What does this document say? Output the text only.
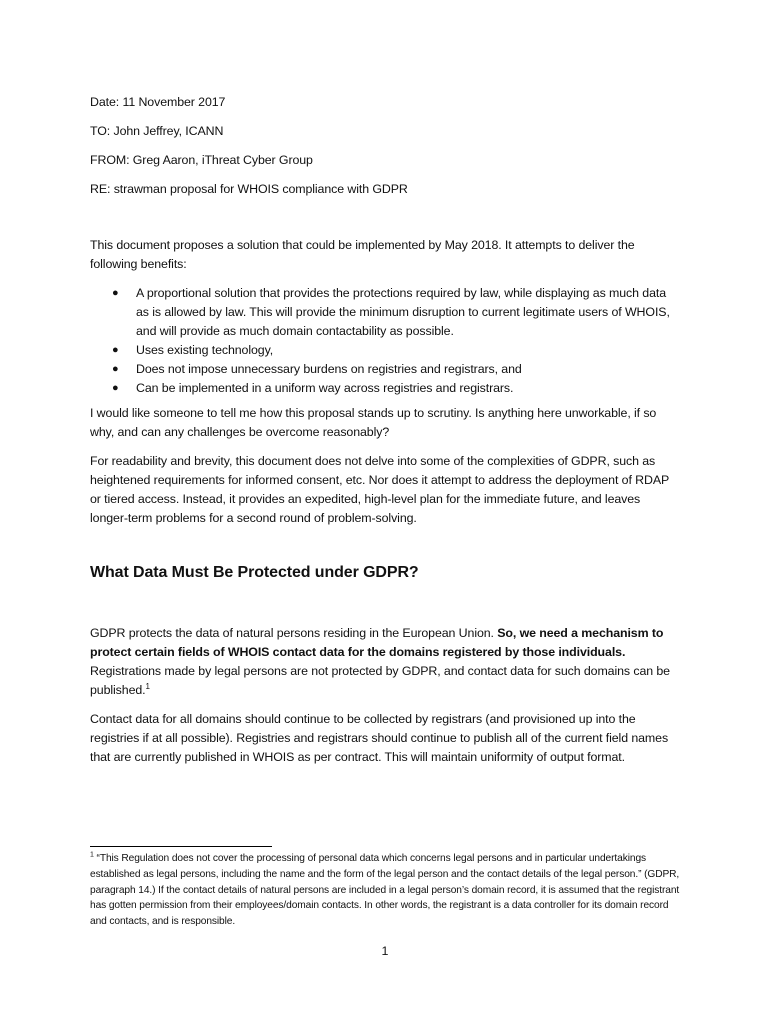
Date: 11 November 2017
TO: John Jeffrey, ICANN
FROM: Greg Aaron, iThreat Cyber Group
RE: strawman proposal for WHOIS compliance with GDPR

This document proposes a solution that could be implemented by May 2018. It attempts to deliver the following benefits:

● A proportional solution that provides the protections required by law, while displaying as much data as is allowed by law. This will provide the minimum disruption to current legitimate users of WHOIS, and will provide as much domain contactability as possible.
● Uses existing technology,
● Does not impose unnecessary burdens on registries and registrars, and
● Can be implemented in a uniform way across registries and registrars.

I would like someone to tell me how this proposal stands up to scrutiny. Is anything here unworkable, if so why, and can any challenges be overcome reasonably?

For readability and brevity, this document does not delve into some of the complexities of GDPR, such as heightened requirements for informed consent, etc. Nor does it attempt to address the deployment of RDAP or tiered access. Instead, it provides an expedited, high-level plan for the immediate future, and leaves longer-term problems for a second round of problem-solving.

What Data Must Be Protected under GDPR?

GDPR protects the data of natural persons residing in the European Union. So, we need a mechanism to protect certain fields of WHOIS contact data for the domains registered by those individuals. Registrations made by legal persons are not protected by GDPR, and contact data for such domains can be published.$^1$

Contact data for all domains should continue to be collected by registrars (and provisioned up into the registries if at all possible). Registries and registrars should continue to publish all of the current field names that are currently published in WHOIS as per contract. This will maintain uniformity of output format.

$^1$ “This Regulation does not cover the processing of personal data which concerns legal persons and in particular undertakings established as legal persons, including the name and the form of the legal person and the contact details of the legal person.” (GDPR, paragraph 14.) If the contact details of natural persons are included in a legal person’s domain record, it is assumed that the registrant has gotten permission from their employees/domain contacts. In other words, the registrant is a data controller for its domain record and contacts, and is responsible.
1
